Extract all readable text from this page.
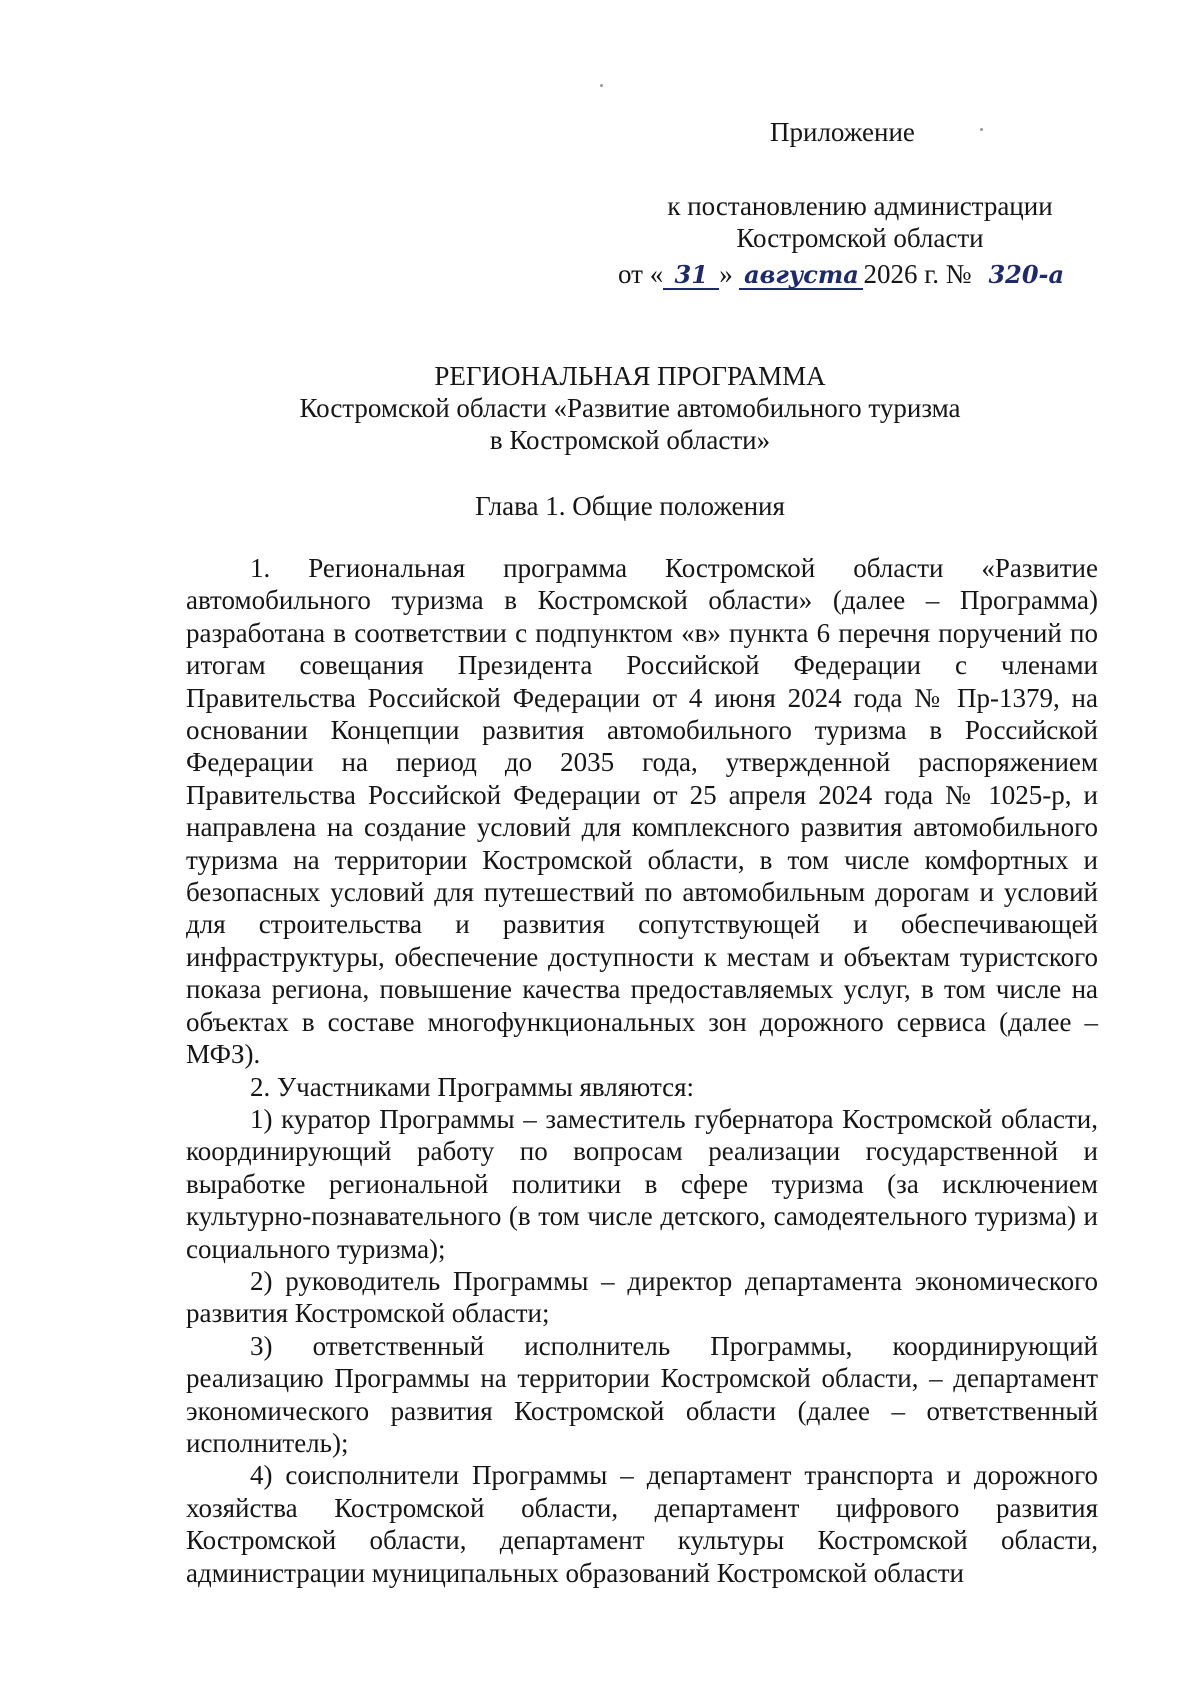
Приложение
к постановлению администрации
Костромской области
от « 31 » августа 2026 г. № 320-а
РЕГИОНАЛЬНАЯ ПРОГРАММА
Костромской области «Развитие автомобильного туризма
в Костромской области»
Глава 1. Общие положения

1. Региональная программа Костромской области «Развитие автомобильного туризма в Костромской области» (далее – Программа) разработана в соответствии с подпунктом «в» пункта 6 перечня поручений по итогам совещания Президента Российской Федерации с членами Правительства Российской Федерации от 4 июня 2024 года № Пр-1379, на основании Концепции развития автомобильного туризма в Российской Федерации на период до 2035 года, утвержденной распоряжением Правительства Российской Федерации от 25 апреля 2024 года № 1025-р, и направлена на создание условий для комплексного развития автомобильного туризма на территории Костромской области, в том числе комфортных и безопасных условий для путешествий по автомобильным дорогам и условий для строительства и развития сопутствующей и обеспечивающей инфраструктуры, обеспечение доступности к местам и объектам туристского показа региона, повышение качества предоставляемых услуг, в том числе на объектах в составе многофункциональных зон дорожного сервиса (далее – МФЗ).

2. Участниками Программы являются:

1) куратор Программы – заместитель губернатора Костромской области, координирующий работу по вопросам реализации государственной и выработке региональной политики в сфере туризма (за исключением культурно-познавательного (в том числе детского, самодеятельного туризма) и социального туризма);

2) руководитель Программы – директор департамента экономического развития Костромской области;

3) ответственный исполнитель Программы, координирующий реализацию Программы на территории Костромской области, – департамент экономического развития Костромской области (далее – ответственный исполнитель);

4) соисполнители Программы – департамент транспорта и дорожного хозяйства Костромской области, департамент цифрового развития Костромской области, департамент культуры Костромской области, администрации муниципальных образований Костромской области
